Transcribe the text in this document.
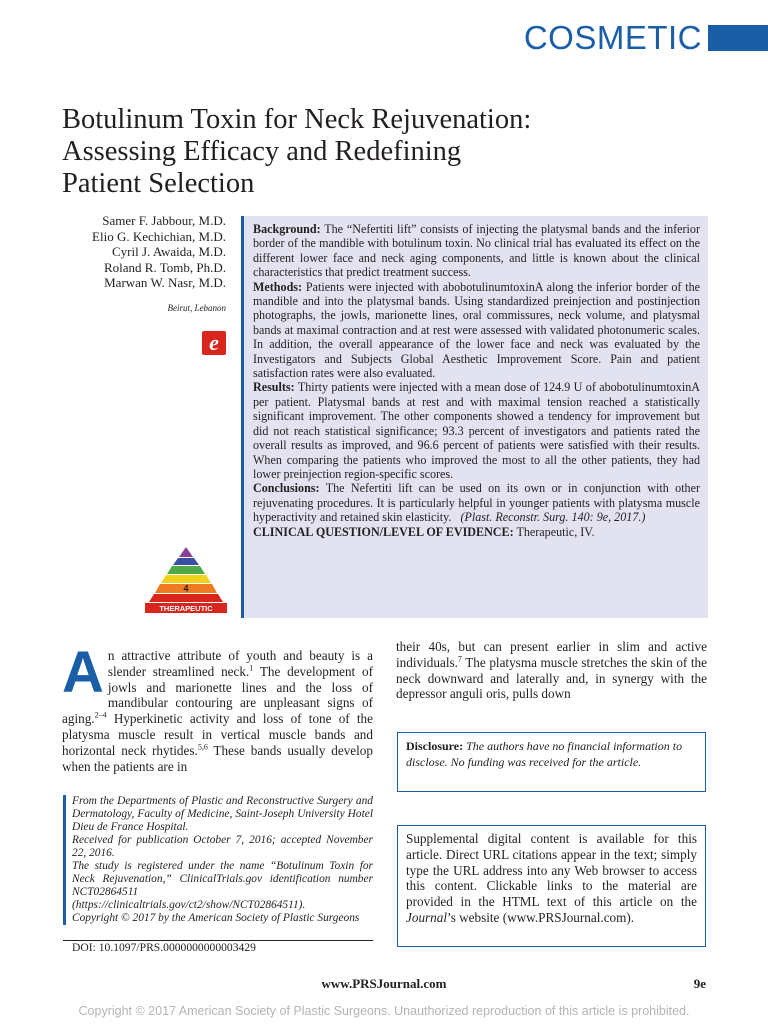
COSMETIC
Botulinum Toxin for Neck Rejuvenation:
Assessing Efficacy and Redefining
Patient Selection
Samer F. Jabbour, M.D.
Elio G. Kechichian, M.D.
Cyril J. Awaida, M.D.
Roland R. Tomb, Ph.D.
Marwan W. Nasr, M.D.
Beirut, Lebanon
e

Background: The “Nefertiti lift” consists of injecting the platysmal bands and the inferior border of the mandible with botulinum toxin. No clinical trial has evaluated its effect on the different lower face and neck aging components, and little is known about the clinical characteristics that predict treatment success.

Methods: Patients were injected with abobotulinumtoxinA along the inferior border of the mandible and into the platysmal bands. Using standardized preinjection and postinjection photographs, the jowls, marionette lines, oral commissures, neck volume, and platysmal bands at maximal contraction and at rest were assessed with validated photonumeric scales. In addition, the overall appearance of the lower face and neck was evaluated by the Investigators and Subjects Global Aesthetic Improvement Score. Pain and patient satisfaction rates were also evaluated.

Results: Thirty patients were injected with a mean dose of 124.9 U of abobotulinumtoxinA per patient. Platysmal bands at rest and with maximal tension reached a statistically significant improvement. The other components showed a tendency for improvement but did not reach statistical significance; 93.3 percent of investigators and patients rated the overall results as improved, and 96.6 percent of patients were satisfied with their results. When comparing the patients who improved the most to all the other patients, they had lower preinjection region-specific scores.

Conclusions: The Nefertiti lift can be used on its own or in conjunction with other rejuvenating procedures. It is particularly helpful in younger patients with platysma muscle hyperactivity and retained skin elasticity. (Plast. Reconstr. Surg. 140: 9e, 2017.)

CLINICAL QUESTION/LEVEL OF EVIDENCE: Therapeutic, IV.

4
THERAPEUTIC
An attractive attribute of youth and beauty is a slender streamlined neck.$^1$ The development of jowls and marionette lines and the loss of mandibular contouring are unpleasant signs of aging.$^{2-4}$ Hyperkinetic activity and loss of tone of the platysma muscle result in vertical muscle bands and horizontal neck rhytides.$^{5,6}$ These bands usually develop when the patients are in
their 40s, but can present earlier in slim and active individuals.$^7$ The platysma muscle stretches the skin of the neck downward and laterally and, in synergy with the depressor anguli oris, pulls down
Disclosure: The authors have no financial information to disclose. No funding was received for the article.

From the Departments of Plastic and Reconstructive Surgery and Dermatology, Faculty of Medicine, Saint-Joseph University Hotel Dieu de France Hospital.

Received for publication October 7, 2016; accepted November 22, 2016.

The study is registered under the name “Botulinum Toxin for Neck Rejuvenation,” ClinicalTrials.gov identification number NCT02864511 (https://clinicaltrials.gov/ct2/show/NCT02864511).

Copyright © 2017 by the American Society of Plastic Surgeons

DOI: 10.1097/PRS.0000000000003429
Supplemental digital content is available for this article. Direct URL citations appear in the text; simply type the URL address into any Web browser to access this content. Clickable links to the material are provided in the HTML text of this article on the Journal’s website (www.PRSJournal.com).
www.PRSJournal.com	9e
Copyright © 2017 American Society of Plastic Surgeons. Unauthorized reproduction of this article is prohibited.
